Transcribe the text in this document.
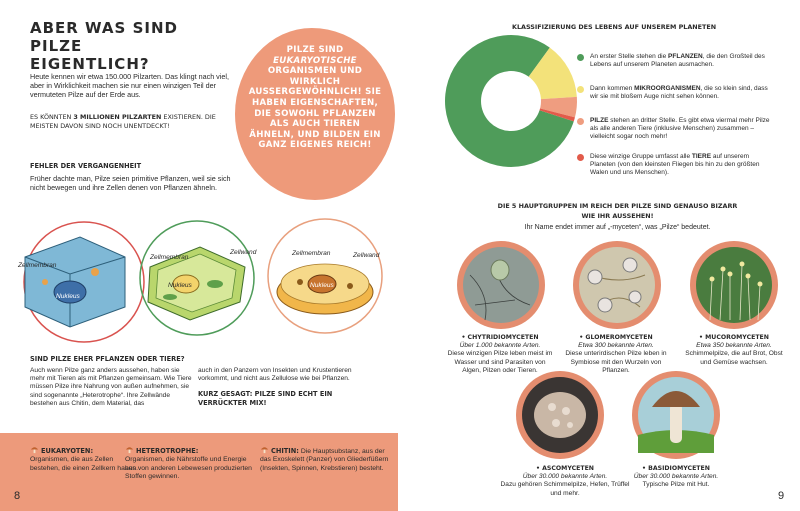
ABER WAS SIND PILZE
EIGENTLICH?
Heute kennen wir etwa 150.000 Pilzarten. Das klingt nach viel, aber in Wirklichkeit machen sie nur einen winzigen Teil der vermuteten Pilze auf der Erde aus.
ES KÖNNTEN 3 MILLIONEN PILZARTEN EXISTIEREN. DIE MEISTEN DAVON SIND NOCH UNENTDECKT!
FEHLER DER VERGANGENHEIT
Früher dachte man, Pilze seien primitive Pflanzen, weil sie sich nicht bewegen und ihre Zellen denen von Pflanzen ähneln.
PILZE SIND EUKARYOTISCHE ORGANISMEN UND WIRKLICH AUSSERGEWÖHNLICH! SIE HABEN EIGENSCHAFTEN, DIE SOWOHL PFLANZEN ALS AUCH TIEREN ÄHNELN, UND BILDEN EIN GANZ EIGENES REICH!
Zellmembran
Zellmembran
Zellwand	Zellmembran	Zellwand
Nukleus
Nukleus	Nukleus
SIND PILZE EHER PFLANZEN ODER TIERE?
Auch wenn Pilze ganz anders aussehen, haben sie mehr mit Tieren als mit Pflanzen gemeinsam. Wie Tiere müssen Pilze ihre Nahrung von außen aufnehmen, sie sind sogenannte „Heterotrophe“. Ihre Zellwände bestehen aus Chitin, dem Material, das
auch in den Panzern von Insekten und Krustentieren vorkommt, und nicht aus Zellulose wie bei Pflanzen.
KURZ GESAGT: PILZE SIND ECHT EIN VERRÜCKTER MIX!
EUKARYOTEN:
Organismen, die aus Zellen bestehen, die einen Zellkern haben.
HETEROTROPHE:
Organismen, die Nährstoffe und Energie aus von anderen Lebewesen produzierten Stoffen gewinnen.
CHITIN: Die Hauptsubstanz, aus der das Exoskelett (Panzer) von Gliederfüßern (Insekten, Spinnen, Krebstieren) besteht.
8
KLASSIFIZIERUNG DES LEBENS AUF UNSEREM PLANETEN
An erster Stelle stehen die PFLANZEN, die den Großteil des Lebens auf unserem Planeten ausmachen.
Dann kommen MIKROORGANISMEN, die so klein sind, dass wir sie mit bloßem Auge nicht sehen können.
PILZE stehen an dritter Stelle. Es gibt etwa viermal mehr Pilze als alle anderen Tiere (inklusive Menschen) zusammen – vielleicht sogar noch mehr!
Diese winzige Gruppe umfasst alle TIERE auf unserem Planeten (von den kleinsten Fliegen bis hin zu den größten Walen und uns Menschen).
DIE 5 HAUPTGRUPPEN IM REICH DER PILZE SIND GENAUSO BIZARR
WIE IHR AUSSEHEN!
Ihr Name endet immer auf „-myceten“, was „Pilze“ bedeutet.
• CHYTRIDIOMYCETEN
Über 1.000 bekannte Arten.
Diese winzigen Pilze leben meist im Wasser und sind Parasiten von Algen, Pilzen oder Tieren.
• GLOMEROMYCETEN
Etwa 300 bekannte Arten.
Diese unterirdischen Pilze leben in Symbiose mit den Wurzeln von Pflanzen.
• MUCOROMYCETEN
Etwa 350 bekannte Arten.
Schimmelpilze, die auf Brot, Obst und Gemüse wachsen.
• ASCOMYCETEN
Über 30.000 bekannte Arten.
Dazu gehören Schimmelpilze, Hefen, Trüffel und mehr.
• BASIDIOMYCETEN
Über 30.000 bekannte Arten.
Typische Pilze mit Hut.
9
